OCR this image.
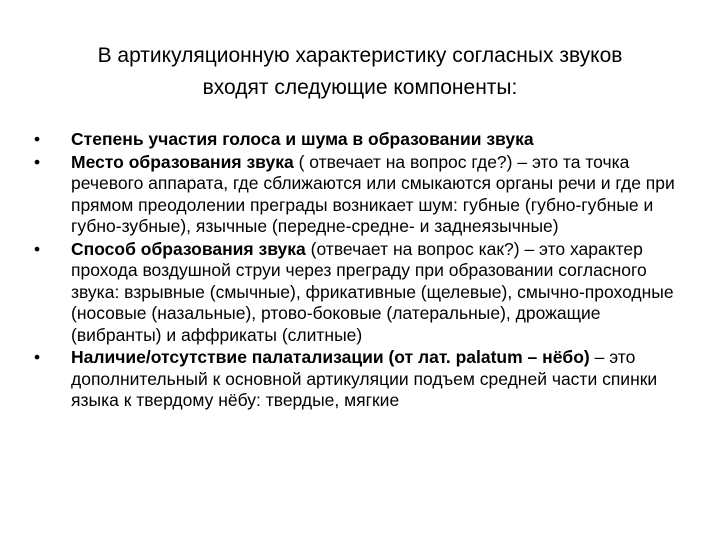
В артикуляционную характеристику согласных звуков
входят следующие компоненты:
• Степень участия голоса и шума в образовании звука
• Место образования звука ( отвечает на вопрос где?) – это та точка речевого аппарата, где сближаются или смыкаются органы речи и где при прямом преодолении преграды возникает шум: губные (губно-губные и губно-зубные), язычные (передне-средне- и заднеязычные)
• Способ образования звука (отвечает на вопрос как?) – это характер прохода воздушной струи через преграду при образовании согласного звука: взрывные (смычные), фрикативные (щелевые), смычно-проходные (носовые (назальные), ртово-боковые (латеральные), дрожащие (вибранты) и аффрикаты (слитные)
• Наличие/отсутствие палатализации (от лат. palatum – нёбо) – это дополнительный к основной артикуляции подъем средней части спинки языка к твердому нёбу: твердые, мягкие
